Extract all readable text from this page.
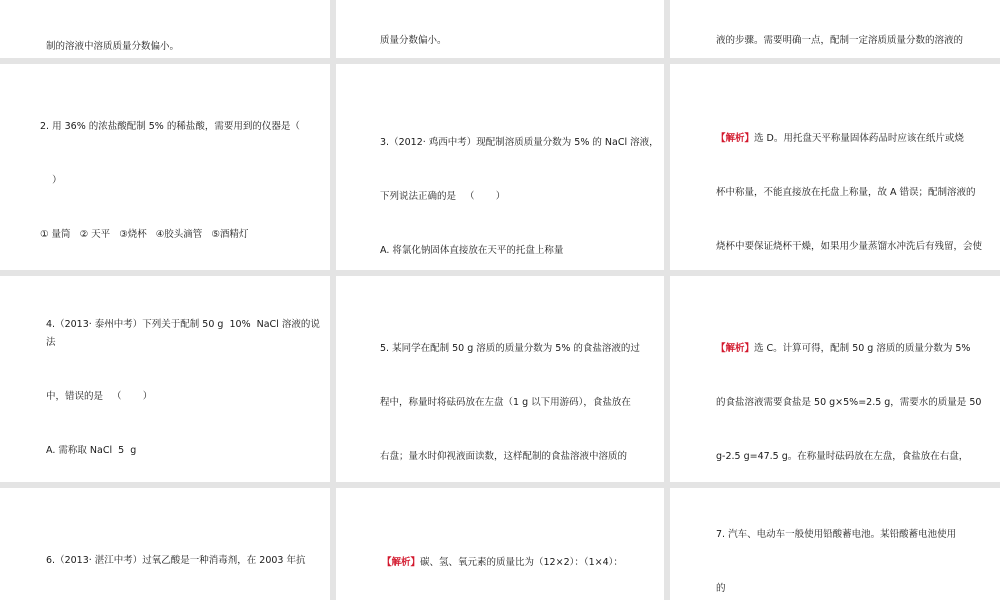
制的溶液中溶质质量分数偏小。

质量分数偏小。

	液的步骤。需要明确一点，配制一定溶质质量分数的溶液的

2. 用 36% 的浓盐酸配制 5% 的稀盐酸，需要用到的仪器是（

）

① 量筒   ② 天平   ③烧杯   ④胶头滴管   ⑤酒精灯

3.（2012· 鸡西中考）现配制溶质质量分数为 5% 的 NaCl 溶液，

下列说法正确的是   （       ）

A. 将氯化钠固体直接放在天平的托盘上称量

【解析】选 D。用托盘天平称量固体药品时应该在纸片或烧

杯中称量，不能直接放在托盘上称量，故 A 错误；配制溶液的

烧杯中要保证烧杯干燥，如果用少量蒸馏水冲洗后有残留，会使

4.（2013· 泰州中考）下列关于配制 50 g  10%  NaCl 溶液的说法

中，错误的是   （       ）

A. 需称取 NaCl  5  g

5. 某同学在配制 50 g 溶质的质量分数为 5% 的食盐溶液的过

程中，称量时将砝码放在左盘（1 g 以下用游码），食盐放在

右盘；量水时仰视液面读数，这样配制的食盐溶液中溶质的

【解析】选 C。计算可得，配制 50 g 溶质的质量分数为 5%

的食盐溶液需要食盐是 50 g×5%=2.5 g，需要水的质量是 50

g-2.5 g=47.5 g。在称量时砝码放在左盘，食盐放在右盘，

6.（2013· 湛江中考）过氧乙酸是一种消毒剂，在 2003 年抗

	【解析】碳、氢、氧元素的质量比为（12×2）：（1×4）：

7. 汽车、电动车一般使用铅酸蓄电池。某铅酸蓄电池使用

的
